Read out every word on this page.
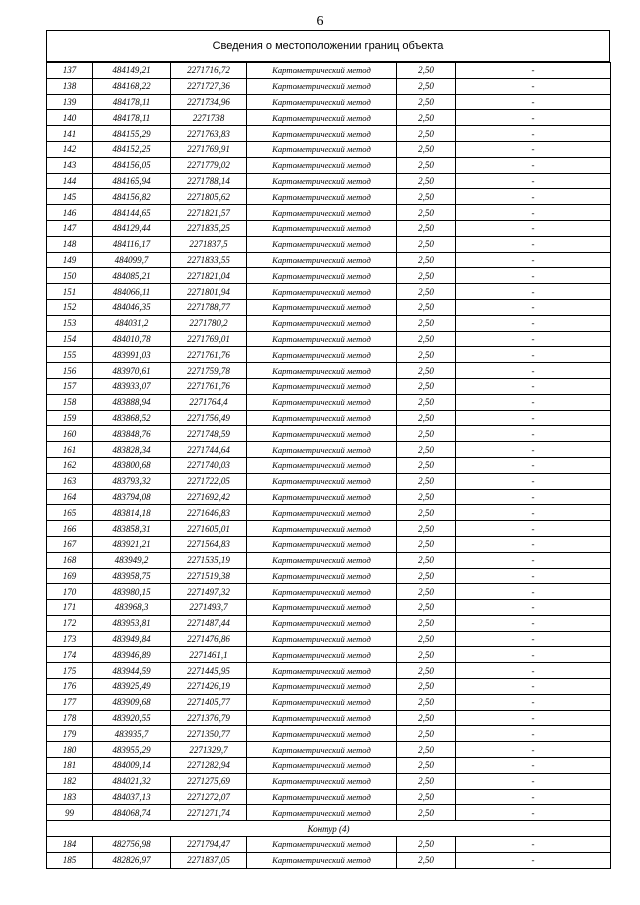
6
Сведения о местоположении границ объекта
137	484149,21	2271716,72	Картометрический метод	2,50	-
138	484168,22	2271727,36	Картометрический метод	2,50	-
139	484178,11	2271734,96	Картометрический метод	2,50	-
140	484178,11	2271738	Картометрический метод	2,50	-
141	484155,29	2271763,83	Картометрический метод	2,50	-
142	484152,25	2271769,91	Картометрический метод	2,50	-
143	484156,05	2271779,02	Картометрический метод	2,50	-
144	484165,94	2271788,14	Картометрический метод	2,50	-
145	484156,82	2271805,62	Картометрический метод	2,50	-
146	484144,65	2271821,57	Картометрический метод	2,50	-
147	484129,44	2271835,25	Картометрический метод	2,50	-
148	484116,17	2271837,5	Картометрический метод	2,50	-
149	484099,7	2271833,55	Картометрический метод	2,50	-
150	484085,21	2271821,04	Картометрический метод	2,50	-
151	484066,11	2271801,94	Картометрический метод	2,50	-
152	484046,35	2271788,77	Картометрический метод	2,50	-
153	484031,2	2271780,2	Картометрический метод	2,50	-
154	484010,78	2271769,01	Картометрический метод	2,50	-
155	483991,03	2271761,76	Картометрический метод	2,50	-
156	483970,61	2271759,78	Картометрический метод	2,50	-
157	483933,07	2271761,76	Картометрический метод	2,50	-
158	483888,94	2271764,4	Картометрический метод	2,50	-
159	483868,52	2271756,49	Картометрический метод	2,50	-
160	483848,76	2271748,59	Картометрический метод	2,50	-
161	483828,34	2271744,64	Картометрический метод	2,50	-
162	483800,68	2271740,03	Картометрический метод	2,50	-
163	483793,32	2271722,05	Картометрический метод	2,50	-
164	483794,08	2271692,42	Картометрический метод	2,50	-
165	483814,18	2271646,83	Картометрический метод	2,50	-
166	483858,31	2271605,01	Картометрический метод	2,50	-
167	483921,21	2271564,83	Картометрический метод	2,50	-
168	483949,2	2271535,19	Картометрический метод	2,50	-
169	483958,75	2271519,38	Картометрический метод	2,50	-
170	483980,15	2271497,32	Картометрический метод	2,50	-
171	483968,3	2271493,7	Картометрический метод	2,50	-
172	483953,81	2271487,44	Картометрический метод	2,50	-
173	483949,84	2271476,86	Картометрический метод	2,50	-
174	483946,89	2271461,1	Картометрический метод	2,50	-
175	483944,59	2271445,95	Картометрический метод	2,50	-
176	483925,49	2271426,19	Картометрический метод	2,50	-
177	483909,68	2271405,77	Картометрический метод	2,50	-
178	483920,55	2271376,79	Картометрический метод	2,50	-
179	483935,7	2271350,77	Картометрический метод	2,50	-
180	483955,29	2271329,7	Картометрический метод	2,50	-
181	484009,14	2271282,94	Картометрический метод	2,50	-
182	484021,32	2271275,69	Картометрический метод	2,50	-
183	484037,13	2271272,07	Картометрический метод	2,50	-
99	484068,74	2271271,74	Картометрический метод	2,50	-
Контур (4)					
184	482756,98	2271794,47	Картометрический метод	2,50	-
185	482826,97	2271837,05	Картометрический метод	2,50	-
